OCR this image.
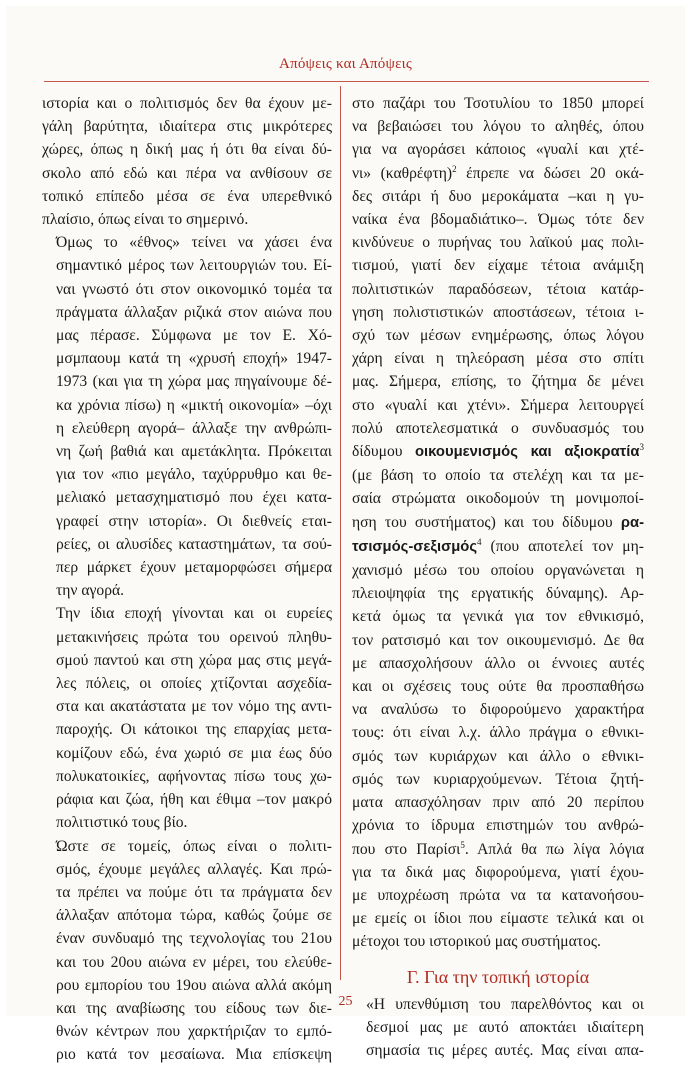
Απόψεις και Απόψεις

ιστορία και ο πολιτισμός δεν θα έχουν με-
γάλη βαρύτητα, ιδιαίτερα στις μικρότερες
χώρες, όπως η δική μας ή ότι θα είναι δύ-
σκολο από εδώ και πέρα να ανθίσουν σε
τοπικό επίπεδο μέσα σε ένα υπερεθνικό
πλαίσιο, όπως είναι το σημερινό.

Όμως το «έθνος» τείνει να χάσει ένα
σημαντικό μέρος των λειτουργιών του. Εί-
ναι γνωστό ότι στον οικονομικό τομέα τα
πράγματα άλλαξαν ριζικά στον αιώνα που
μας πέρασε. Σύμφωνα με τον Ε. Χό-
μσμπαουμ κατά τη «χρυσή εποχή» 1947-
1973 (και για τη χώρα μας πηγαίνουμε δέ-
κα χρόνια πίσω) η «μικτή οικονομία» –όχι
η ελεύθερη αγορά– άλλαξε την ανθρώπι-
νη ζωή βαθιά και αμετάκλητα. Πρόκειται
για τον «πιο μεγάλο, ταχύρρυθμο και θε-
μελιακό μετασχηματισμό που έχει κατα-
γραφεί στην ιστορία». Οι διεθνείς εται-
ρείες, οι αλυσίδες καταστημάτων, τα σού-
περ μάρκετ έχουν μεταμορφώσει σήμερα
την αγορά.

Την ίδια εποχή γίνονται και οι ευρείες
μετακινήσεις πρώτα του ορεινού πληθυ-
σμού παντού και στη χώρα μας στις μεγά-
λες πόλεις, οι οποίες χτίζονται ασχεδία-
στα και ακατάστατα με τον νόμο της αντι-
παροχής. Οι κάτοικοι της επαρχίας μετα-
κομίζουν εδώ, ένα χωριό σε μια έως δύο
πολυκατοικίες, αφήνοντας πίσω τους χω-
ράφια και ζώα, ήθη και έθιμα –τον μακρό
πολιτιστικό τους βίο.

Ώστε σε τομείς, όπως είναι ο πολιτι-
σμός, έχουμε μεγάλες αλλαγές. Και πρώ-
τα πρέπει να πούμε ότι τα πράγματα δεν
άλλαξαν απότομα τώρα, καθώς ζούμε σε
έναν συνδυαμό της τεχνολογίας του 21ου
και του 20ου αιώνα εν μέρει, του ελεύθε-
ρου εμπορίου του 19ου αιώνα αλλά ακόμη
και της αναβίωσης του είδους των διε-
θνών κέντρων που χαρκτήριζαν το εμπό-
ριο κατά τον μεσαίωνα. Μια επίσκεψη

στο παζάρι του Τσοτυλίου το 1850 μπορεί
να βεβαιώσει του λόγου το αληθές, όπου
για να αγοράσει κάποιος «γυαλί και χτέ-
νι» $(\kappa\alpha\theta\rho έ\varphi\tau\eta)^2$ έπρεπε να δώσει 20 οκά-
δες σιτάρι ή δυο μεροκάματα –και η γυ-
ναίκα ένα βδομαδιάτικο–. Όμως τότε δεν
κινδύνευε ο πυρήνας του λαϊκού μας πολι-
τισμού, γιατί δεν είχαμε τέτοια ανάμιξη
πολιτιστικών παραδόσεων, τέτοια κατάρ-
γηση πολιστιστικών αποστάσεων, τέτοια ι-
σχύ των μέσων ενημέρωσης, όπως λόγου
χάρη είναι η τηλεόραση μέσα στο σπίτι
μας. Σήμερα, επίσης, το ζήτημα δε μένει
στο «γυαλί και χτένι». Σήμερα λειτουργεί
πολύ αποτελεσματικά ο συνδυασμός του
δίδυμου οικουμενισμός και αξιοκρατία$^3$
(με βάση το οποίο τα στελέχη και τα με-
σαία στρώματα οικοδομούν τη μονιμοποί-
ηση του συστήματος) και του δίδυμου ρα-
τσισμός-σεξισμός$^4$ (που αποτελεί τον μη-
χανισμό μέσω του οποίου οργανώνεται η
πλειοψηφία της εργατικής δύναμης). Αρ-
κετά όμως τα γενικά για τον εθνικισμό,
τον ρατσισμό και τον οικουμενισμό. Δε θα
με απασχολήσουν άλλο οι έννοιες αυτές
και οι σχέσεις τους ούτε θα προσπαθήσω
να αναλύσω το διφορούμενο χαρακτήρα
τους: ότι είναι λ.χ. άλλο πράγμα ο εθνικι-
σμός των κυριάρχων και άλλο ο εθνικι-
σμός των κυριαρχούμενων. Τέτοια ζητή-
ματα απασχόλησαν πριν από 20 περίπου
χρόνια το ίδρυμα επιστημών του ανθρώ-
που στο Παρίσι$^5$. Απλά θα πω λίγα λόγια
για τα δικά μας διφορούμενα, γιατί έχου-
με υποχρέωση πρώτα να τα κατανοήσου-
με εμείς οι ίδιοι που είμαστε τελικά και οι
μέτοχοι του ιστορικού μας συστήματος.

Γ. Για την τοπική ιστορία

«Η υπενθύμιση του παρελθόντος και οι
δεσμοί μας με αυτό αποκτάει ιδιαίτερη
σημασία τις μέρες αυτές. Μας είναι απα-

25
